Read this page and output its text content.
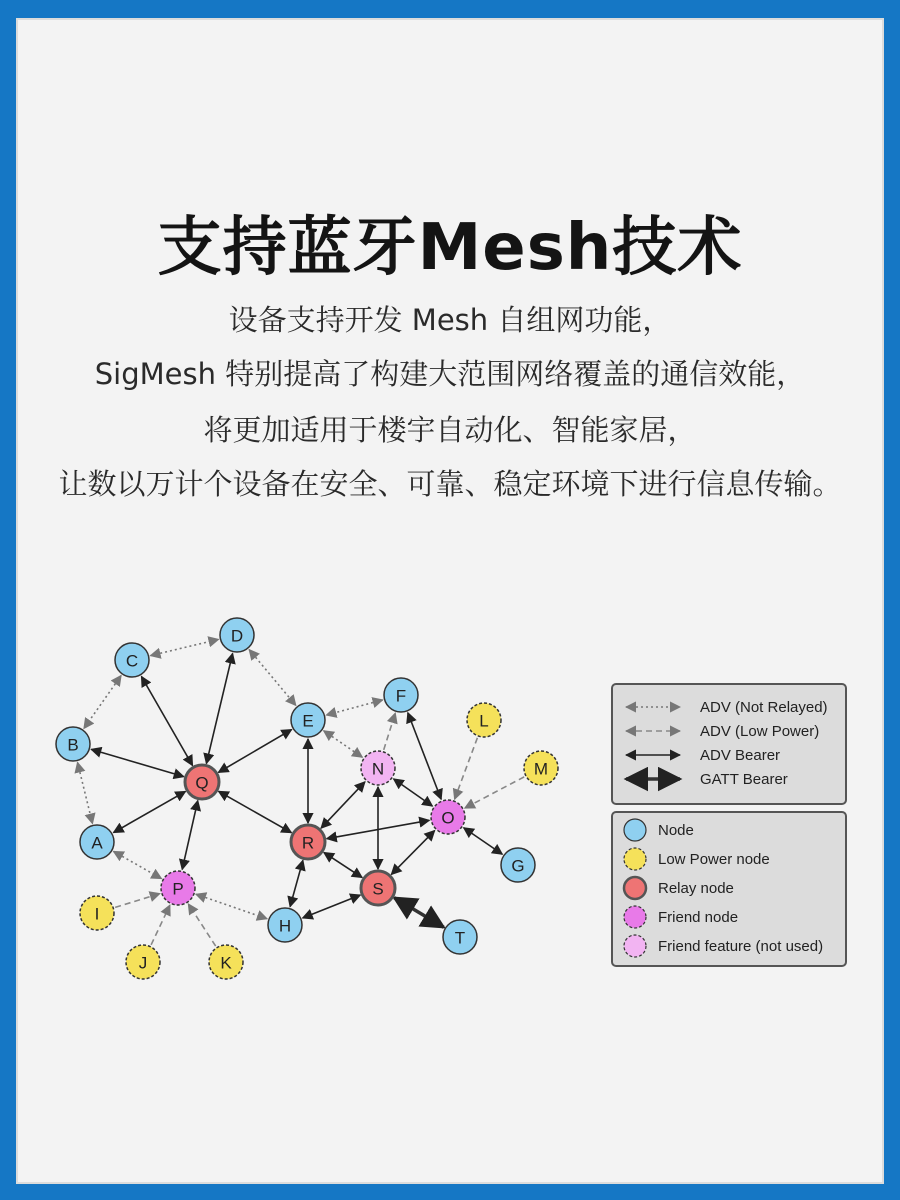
支持蓝牙Mesh技术
设备支持开发 Mesh 自组网功能，
SigMesh 特别提高了构建大范围网络覆盖的通信效能，
将更加适用于楼宇自动化、智能家居，
让数以万计个设备在安全、可靠、稳定环境下进行信息传输。
C
D
E
F
B
Q
N
L
M
O
A	R
G
P	S
I
H
T
J	K
ADV (Not Relayed)
ADV (Low Power)
ADV Bearer
GATT Bearer
Node
Low Power node
Relay node
Friend node
Friend feature (not used)
